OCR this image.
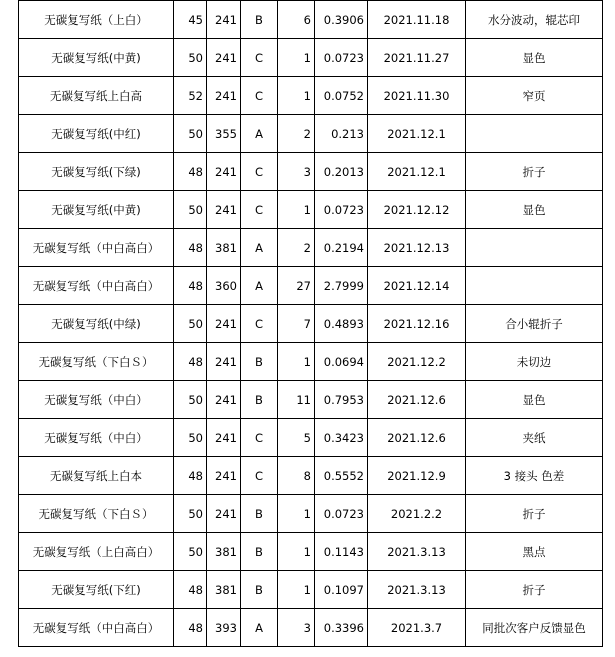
无碳复写纸（上白）	45	241	B	6	0.3906	2021.11.18	水分波动，辊芯印
无碳复写纸(中黄)	50	241	C	1	0.0723	2021.11.27	显色
无碳复写纸上白高	52	241	C	1	0.0752	2021.11.30	窄页
无碳复写纸(中红)	50	355	A	2	0.213	2021.12.1	
无碳复写纸(下绿)	48	241	C	3	0.2013	2021.12.1	折子
无碳复写纸(中黄)	50	241	C	1	0.0723	2021.12.12	显色
无碳复写纸（中白高白）	48	381	A	2	0.2194	2021.12.13	
无碳复写纸（中白高白）	48	360	A	27	2.7999	2021.12.14	
无碳复写纸(中绿)	50	241	C	7	0.4893	2021.12.16	合小辊折子
无碳复写纸（下白Ｓ）	48	241	B	1	0.0694	2021.12.2	未切边
无碳复写纸（中白）	50	241	B	11	0.7953	2021.12.6	显色
无碳复写纸（中白）	50	241	C	5	0.3423	2021.12.6	夹纸
无碳复写纸上白本	48	241	C	8	0.5552	2021.12.9	3 接头 色差
无碳复写纸（下白Ｓ）	50	241	B	1	0.0723	2021.2.2	折子
无碳复写纸（上白高白）	50	381	B	1	0.1143	2021.3.13	黑点
无碳复写纸(下红)	48	381	B	1	0.1097	2021.3.13	折子
无碳复写纸（中白高白）	48	393	A	3	0.3396	2021.3.7	同批次客户反馈显色
